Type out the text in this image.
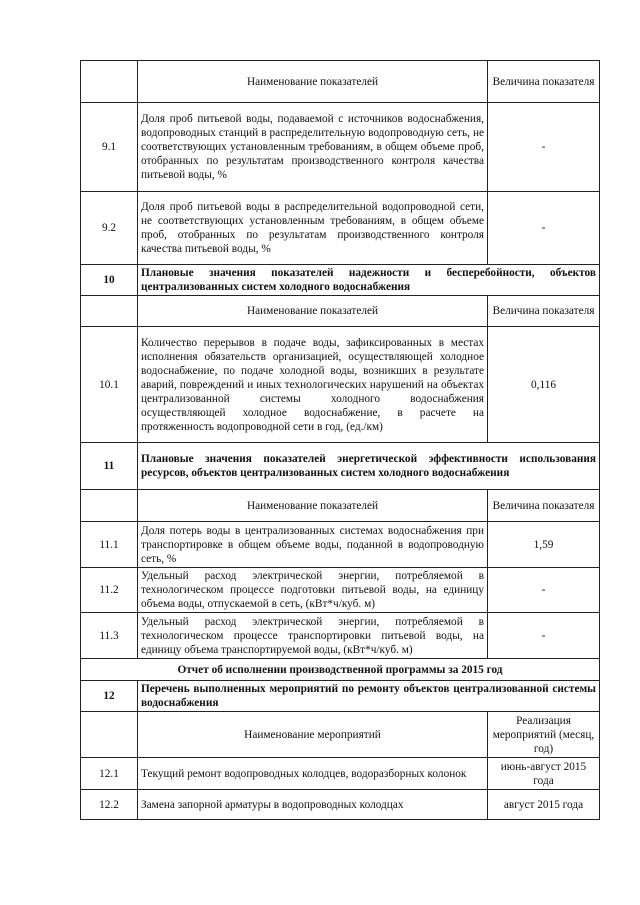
	Наименование показателей	Величина показателя
9.1	Доля проб питьевой воды, подаваемой с источников водоснабжения, водопроводных станций в распределительную водопроводную сеть, не соответствующих установленным требованиям, в общем объеме проб, отобранных по результатам производственного контроля качества питьевой воды, %	-
9.2	Доля проб питьевой воды в распределительной водопроводной сети, не соответствующих установленным требованиям, в общем объеме проб, отобранных по результатам производственного контроля качества питьевой воды, %	-
10	Плановые значения показателей надежности и бесперебойности, объектов централизованных систем холодного водоснабжения	
	Наименование показателей	Величина показателя
10.1	Количество перерывов в подаче воды, зафиксированных в местах исполнения обязательств организацией, осуществляющей холодное водоснабжение, по подаче холодной воды, возникших в результате аварий, повреждений и иных технологических нарушений на объектах централизованной системы холодного водоснабжения осуществляющей холодное водоснабжение, в расчете на протяженность водопроводной сети в год, (ед./км)	0,116
11	Плановые значения показателей энергетической эффективности использования ресурсов, объектов централизованных систем холодного водоснабжения	
	Наименование показателей	Величина показателя
11.1	Доля потерь воды в централизованных системах водоснабжения при транспортировке в общем объеме воды, поданной в водопроводную сеть, %	1,59
11.2	Удельный расход электрической энергии, потребляемой в технологическом процессе подготовки питьевой воды, на единицу объема воды, отпускаемой в сеть, (кВт*ч/куб. м)	-
11.3	Удельный расход электрической энергии, потребляемой в технологическом процессе транспортировки питьевой воды, на единицу объема транспортируемой воды, (кВт*ч/куб. м)	-
Отчет об исполнении производственной программы за 2015 год		
12	Перечень выполненных мероприятий по ремонту объектов централизованной системы водоснабжения	
	Наименование мероприятий	Реализация мероприятий (месяц, год)
12.1	Текущий ремонт водопроводных колодцев, водоразборных колонок	июнь-август 2015 года
12.2	Замена запорной арматуры в водопроводных колодцах	август 2015 года
